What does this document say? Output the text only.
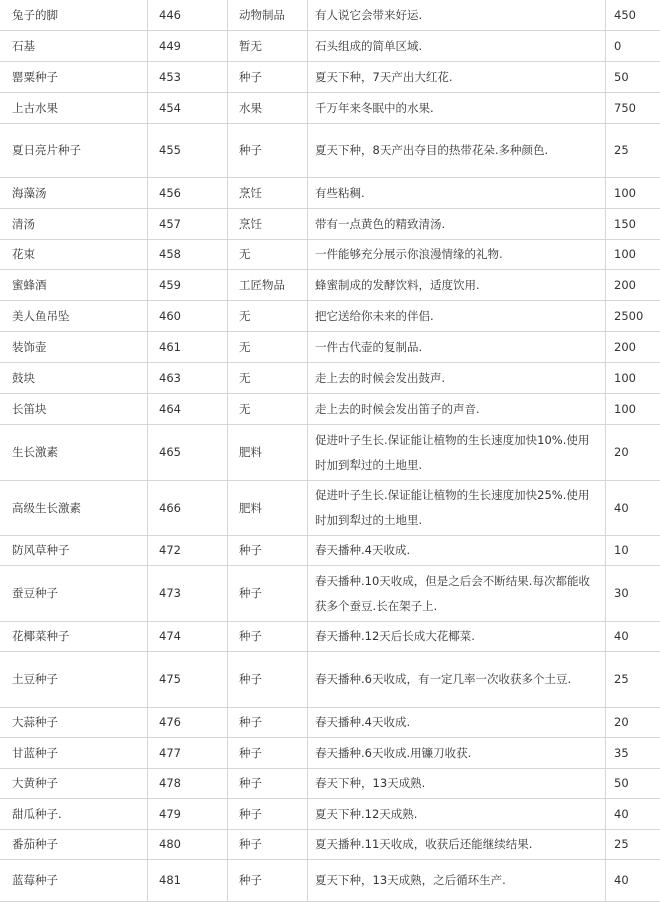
兔子的脚	446	动物制品	有人说它会带来好运.	450
石基	449	暂无	石头组成的简单区域.	0
罂粟种子	453	种子	夏天下种，7天产出大红花.	50
上古水果	454	水果	千万年来冬眠中的水果.	750
夏日亮片种子	455	种子	夏天下种，8天产出夺目的热带花朵.多种颜色.	25
海藻汤	456	烹饪	有些粘稠.	100
清汤	457	烹饪	带有一点黄色的精致清汤.	150
花束	458	无	一件能够充分展示你浪漫情缘的礼物.	100
蜜蜂酒	459	工匠物品	蜂蜜制成的发酵饮料，适度饮用.	200
美人鱼吊坠	460	无	把它送给你未来的伴侣.	2500
装饰壶	461	无	一件古代壶的复制品.	200
鼓块	463	无	走上去的时候会发出鼓声.	100
长笛块	464	无	走上去的时候会发出笛子的声音.	100
生长激素	465	肥料	促进叶子生长.保证能让植物的生长速度加快10%.使用时加到犁过的土地里.	20
高级生长激素	466	肥料	促进叶子生长.保证能让植物的生长速度加快25%.使用时加到犁过的土地里.	40
防风草种子	472	种子	春天播种.4天收成.	10
蚕豆种子	473	种子	春天播种.10天收成，但是之后会不断结果.每次都能收获多个蚕豆.长在架子上.	30
花椰菜种子	474	种子	春天播种.12天后长成大花椰菜.	40
土豆种子	475	种子	春天播种.6天收成，有一定几率一次收获多个土豆.	25
大蒜种子	476	种子	春天播种.4天收成.	20
甘蓝种子	477	种子	春天播种.6天收成.用镰刀收获.	35
大黄种子	478	种子	春天下种，13天成熟.	50
甜瓜种子.	479	种子	夏天下种.12天成熟.	40
番茄种子	480	种子	夏天播种.11天收成，收获后还能继续结果.	25
蓝莓种子	481	种子	夏天下种，13天成熟，之后循环生产.	40
